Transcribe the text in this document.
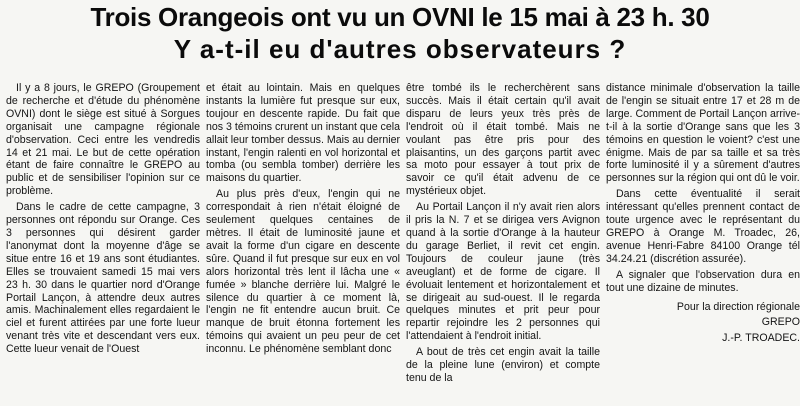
Trois Orangeois ont vu un OVNI le 15 mai à 23 h. 30
Y a-t-il eu d'autres observateurs ?

Il y a 8 jours, le GREPO (Groupement de recherche et d'étude du phénomène OVNI) dont le siège est situé à Sorgues organisait une campagne régionale d'observation. Ceci entre les vendredis 14 et 21 mai. Le but de cette opération étant de faire connaître le GREPO au public et de sensibiliser l'opinion sur ce problème.

Dans le cadre de cette campagne, 3 personnes ont répondu sur Orange. Ces 3 personnes qui désirent garder l'anonymat dont la moyenne d'âge se situe entre 16 et 19 ans sont étudiantes. Elles se trouvaient samedi 15 mai vers 23 h. 30 dans le quartier nord d'Orange Portail Lançon, à attendre deux autres amis. Machinalement elles regardaient le ciel et furent attirées par une forte lueur venant très vite et descendant vers eux. Cette lueur venait de l'Ouest

et était au lointain. Mais en quelques instants la lumière fut presque sur eux, toujour en descente rapide. Du fait que nos 3 témoins crurent un instant que cela allait leur tomber dessus. Mais au dernier instant, l'engin ralenti en vol horizontal et tomba (ou sembla tomber) derrière les maisons du quartier.

Au plus près d'eux, l'engin qui ne correspondait à rien n'était éloigné de seulement quelques centaines de mètres. Il était de luminosité jaune et avait la forme d'un cigare en descente sûre. Quand il fut presque sur eux en vol alors horizontal très lent il lâcha une « fumée » blanche derrière lui. Malgré le silence du quartier à ce moment là, l'engin ne fit entendre aucun bruit. Ce manque de bruit étonna fortement les témoins qui avaient un peu peur de cet inconnu. Le phénomène semblant donc

être tombé ils le recherchèrent sans succès. Mais il était certain qu'il avait disparu de leurs yeux très près de l'endroit où il était tombé. Mais ne voulant pas être pris pour des plaisantins, un des garçons partit avec sa moto pour essayer à tout prix de savoir ce qu'il était advenu de ce mystérieux objet.

Au Portail Lançon il n'y avait rien alors il pris la N. 7 et se dirigea vers Avignon quand à la sortie d'Orange à la hauteur du garage Berliet, il revit cet engin. Toujours de couleur jaune (très aveuglant) et de forme de cigare. Il évoluait lentement et horizontalement et se dirigeait au sud-ouest. Il le regarda quelques minutes et prit peur pour repartir rejoindre les 2 personnes qui l'attendaient à l'endroit initial.

A bout de très cet engin avait la taille de la pleine lune (environ) et compte tenu de la

distance minimale d'observation la taille de l'engin se situait entre 17 et 28 m de large. Comment de Portail Lançon arrive-t-il à la sortie d'Orange sans que les 3 témoins en question le voient? c'est une énigme. Mais de par sa taille et sa très forte luminosité il y a sûrement d'autres personnes sur la région qui ont dû le voir.

Dans cette éventualité il serait intéressant qu'elles prennent contact de toute urgence avec le représentant du GREPO à Orange M. Troadec, 26, avenue Henri-Fabre 84100 Orange tél 34.24.21 (discrétion assurée).

A signaler que l'observation dura en tout une dizaine de minutes.

Pour la direction régionale

GREPO

J.-P. TROADEC.
